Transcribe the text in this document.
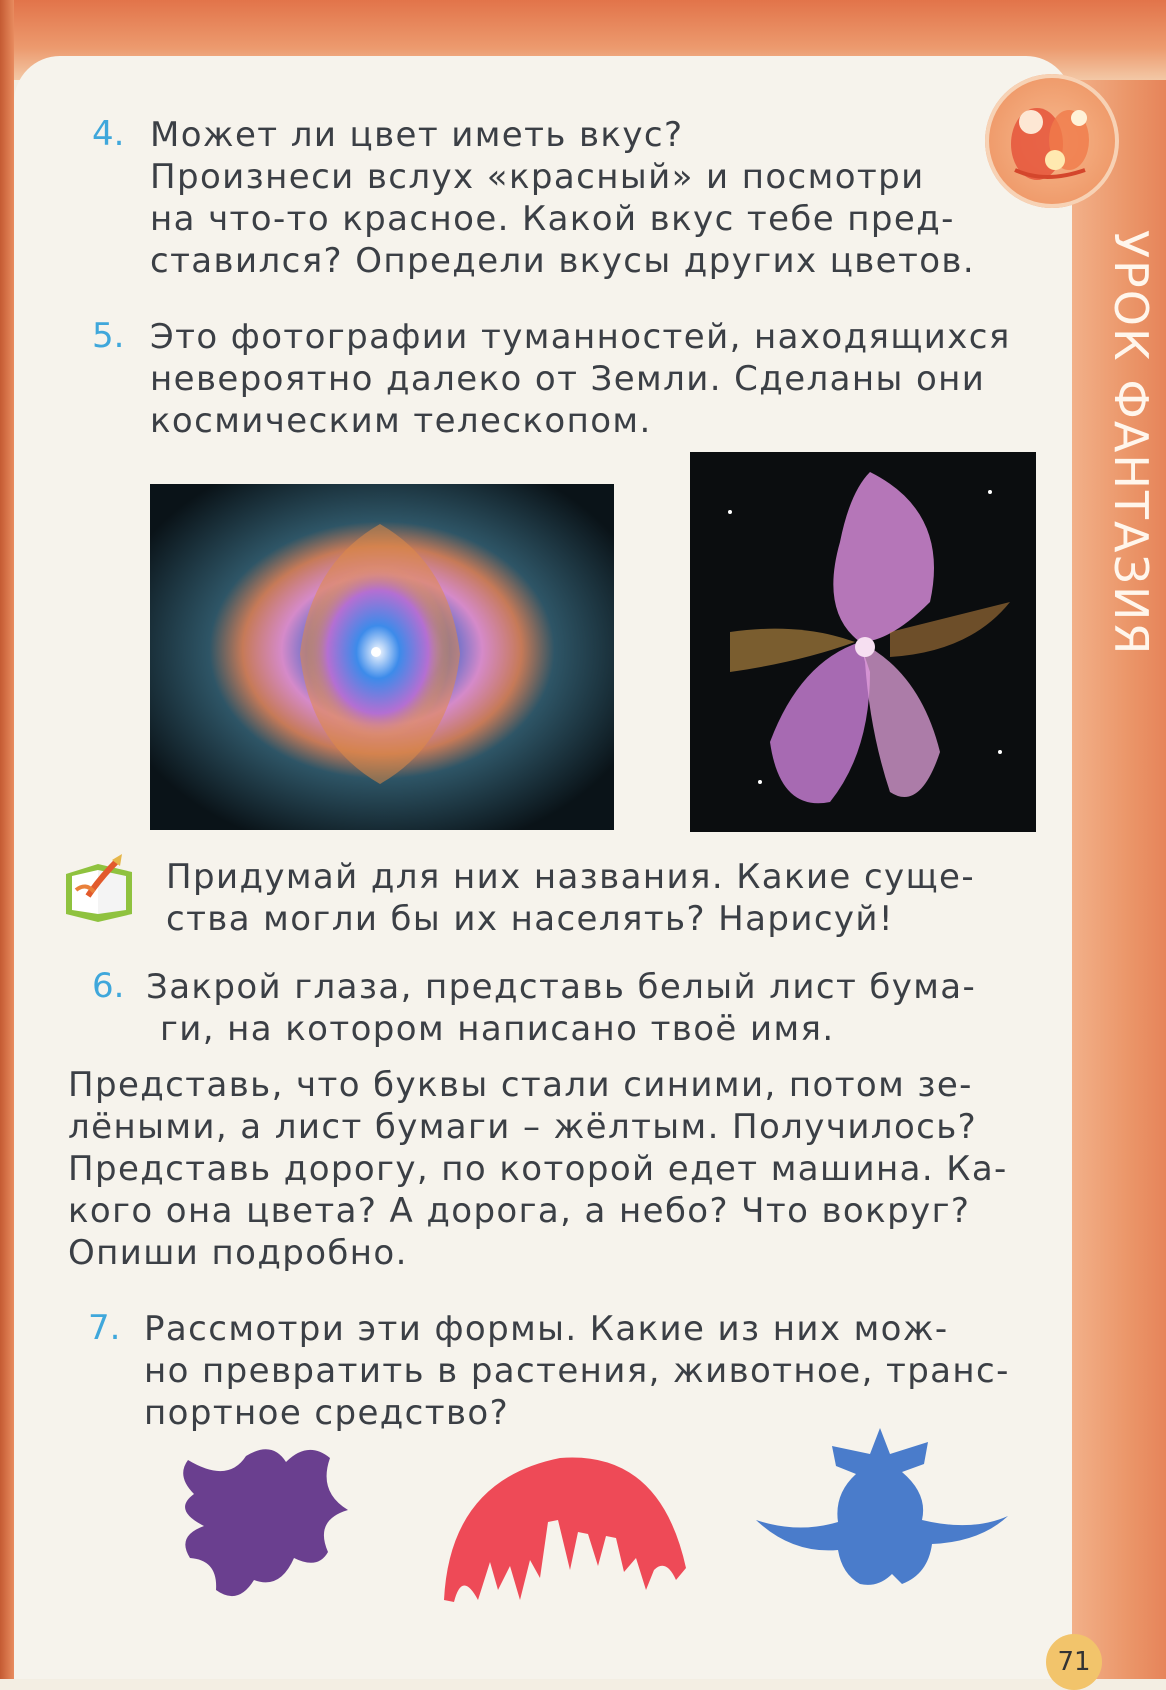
УРОК ФАНТАЗИЯ
4. Может ли цвет иметь вкус?
Произнеси вслух «красный» и посмотри
на что-то красное. Какой вкус тебе пред-
ставился? Определи вкусы других цветов.
5. Это фотографии туманностей, находящихся
невероятно далеко от Земли. Сделаны они
космическим телескопом.
Придумай для них названия. Какие суще-
ства могли бы их населять? Нарисуй!
6. Закрой глаза, представь белый лист бума-
ги, на котором написано твоё имя.
Представь, что буквы стали синими, потом зе-
лёными, а лист бумаги – жёлтым. Получилось?
Представь дорогу, по которой едет машина. Ка-
кого она цвета? А дорога, а небо? Что вокруг?
Опиши подробно.
7. Рассмотри эти формы. Какие из них мож-
но превратить в растения, животное, транс-
портное средство?
71
